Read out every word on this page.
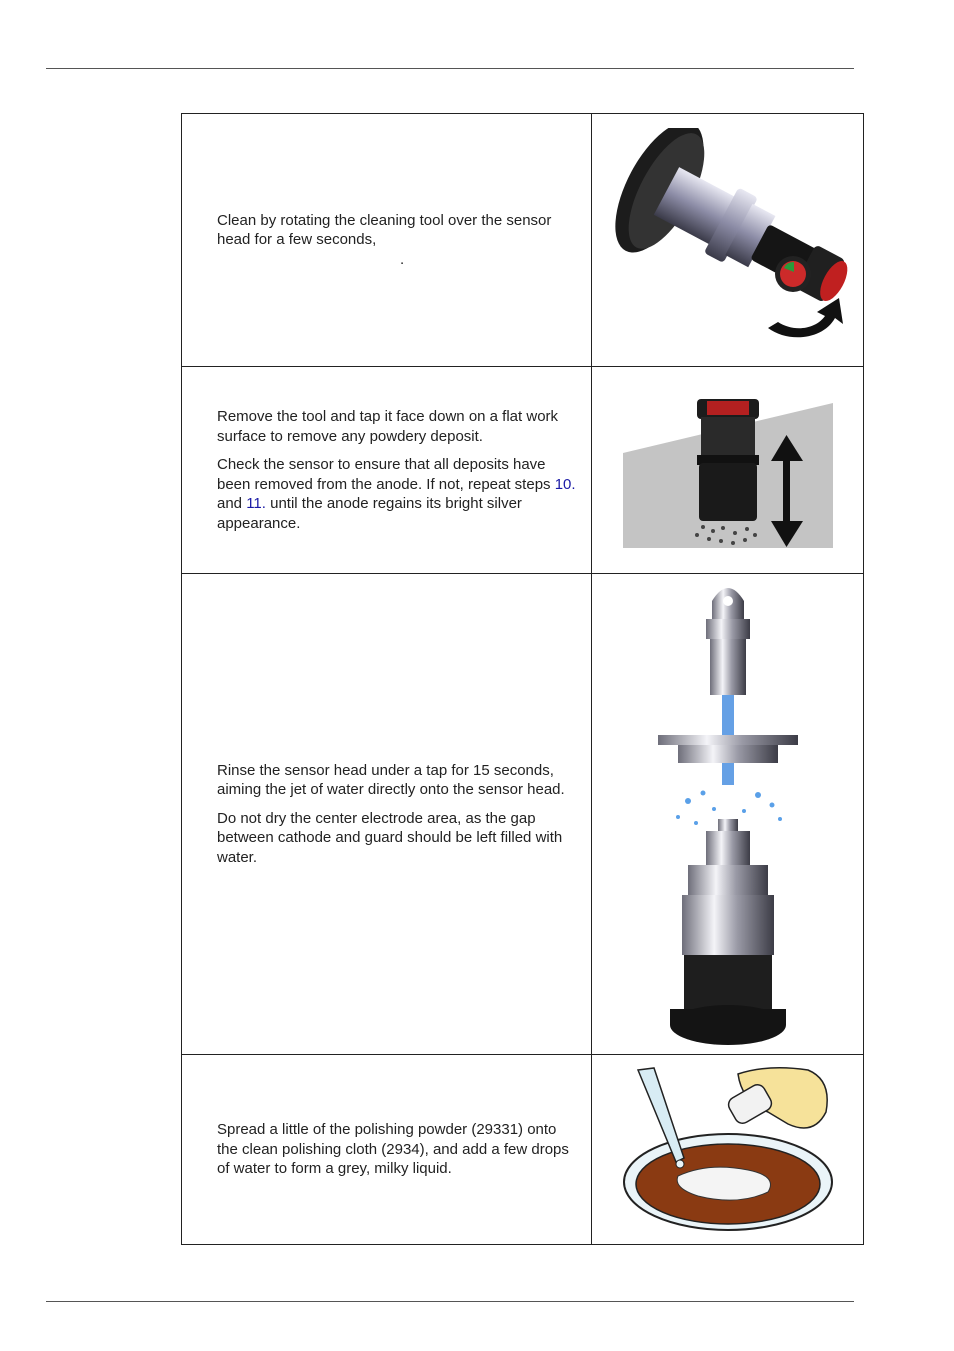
Clean by rotating the cleaning tool over the sensor head for a few seconds,

.

Remove the tool and tap it face down on a flat work surface to remove any powdery deposit.

Check the sensor to ensure that all deposits have been removed from the anode. If not, repeat steps 10. and 11. until the anode regains its bright silver appearance.

Rinse the sensor head under a tap for 15 seconds, aiming the jet of water directly onto the sensor head.

Do not dry the center electrode area, as the gap between cathode and guard should be left filled with water.

Spread a little of the polishing powder (29331) onto the clean polishing cloth (2934), and add a few drops of water to form a grey, milky liquid.
